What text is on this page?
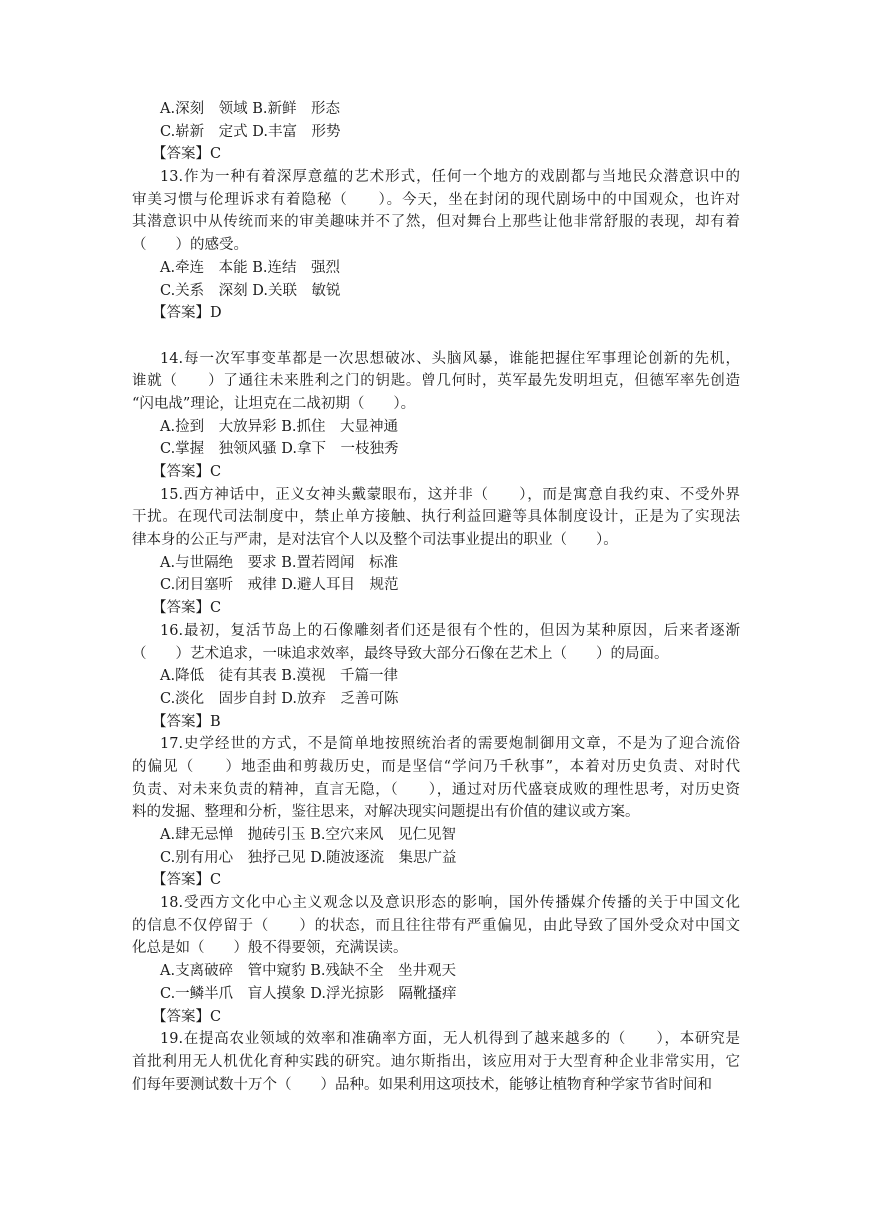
A.深刻　领域 B.新鲜　形态
C.崭新　定式 D.丰富　形势
【答案】C
13.作为一种有着深厚意蕴的艺术形式，任何一个地方的戏剧都与当地民众潜意识中的
审美习惯与伦理诉求有着隐秘（　　）。今天，坐在封闭的现代剧场中的中国观众，也许对
其潜意识中从传统而来的审美趣味并不了然，但对舞台上那些让他非常舒服的表现，却有着
（　　）的感受。
A.牵连　本能 B.连结　强烈
C.关系　深刻 D.关联　敏锐
【答案】D
14.每一次军事变革都是一次思想破冰、头脑风暴，谁能把握住军事理论创新的先机，
谁就（　　）了通往未来胜利之门的钥匙。曾几何时，英军最先发明坦克，但德军率先创造
“闪电战”理论，让坦克在二战初期（　　）。
A.捡到　大放异彩 B.抓住　大显神通
C.掌握　独领风骚 D.拿下　一枝独秀
【答案】C
15.西方神话中，正义女神头戴蒙眼布，这并非（　　），而是寓意自我约束、不受外界
干扰。在现代司法制度中，禁止单方接触、执行利益回避等具体制度设计，正是为了实现法
律本身的公正与严肃，是对法官个人以及整个司法事业提出的职业（　　）。
A.与世隔绝　要求 B.置若罔闻　标准
C.闭目塞听　戒律 D.避人耳目　规范
【答案】C
16.最初，复活节岛上的石像雕刻者们还是很有个性的，但因为某种原因，后来者逐渐
（　　）艺术追求，一味追求效率，最终导致大部分石像在艺术上（　　）的局面。
A.降低　徒有其表 B.漠视　千篇一律
C.淡化　固步自封 D.放弃　乏善可陈
【答案】B
17.史学经世的方式，不是简单地按照统治者的需要炮制御用文章，不是为了迎合流俗
的偏见（　　）地歪曲和剪裁历史，而是坚信“学问乃千秋事”，本着对历史负责、对时代
负责、对未来负责的精神，直言无隐，（　　），通过对历代盛衰成败的理性思考，对历史资
料的发掘、整理和分析，鉴往思来，对解决现实问题提出有价值的建议或方案。
A.肆无忌惮　抛砖引玉 B.空穴来风　见仁见智
C.别有用心　独抒己见 D.随波逐流　集思广益
【答案】C
18.受西方文化中心主义观念以及意识形态的影响，国外传播媒介传播的关于中国文化
的信息不仅停留于（　　）的状态，而且往往带有严重偏见，由此导致了国外受众对中国文
化总是如（　　）般不得要领，充满误读。
A.支离破碎　管中窥豹 B.残缺不全　坐井观天
C.一鳞半爪　盲人摸象 D.浮光掠影　隔靴搔痒
【答案】C
19.在提高农业领域的效率和准确率方面，无人机得到了越来越多的（　　），本研究是
首批利用无人机优化育种实践的研究。迪尔斯指出，该应用对于大型育种企业非常实用，它
们每年要测试数十万个（　　）品种。如果利用这项技术，能够让植物育种学家节省时间和
